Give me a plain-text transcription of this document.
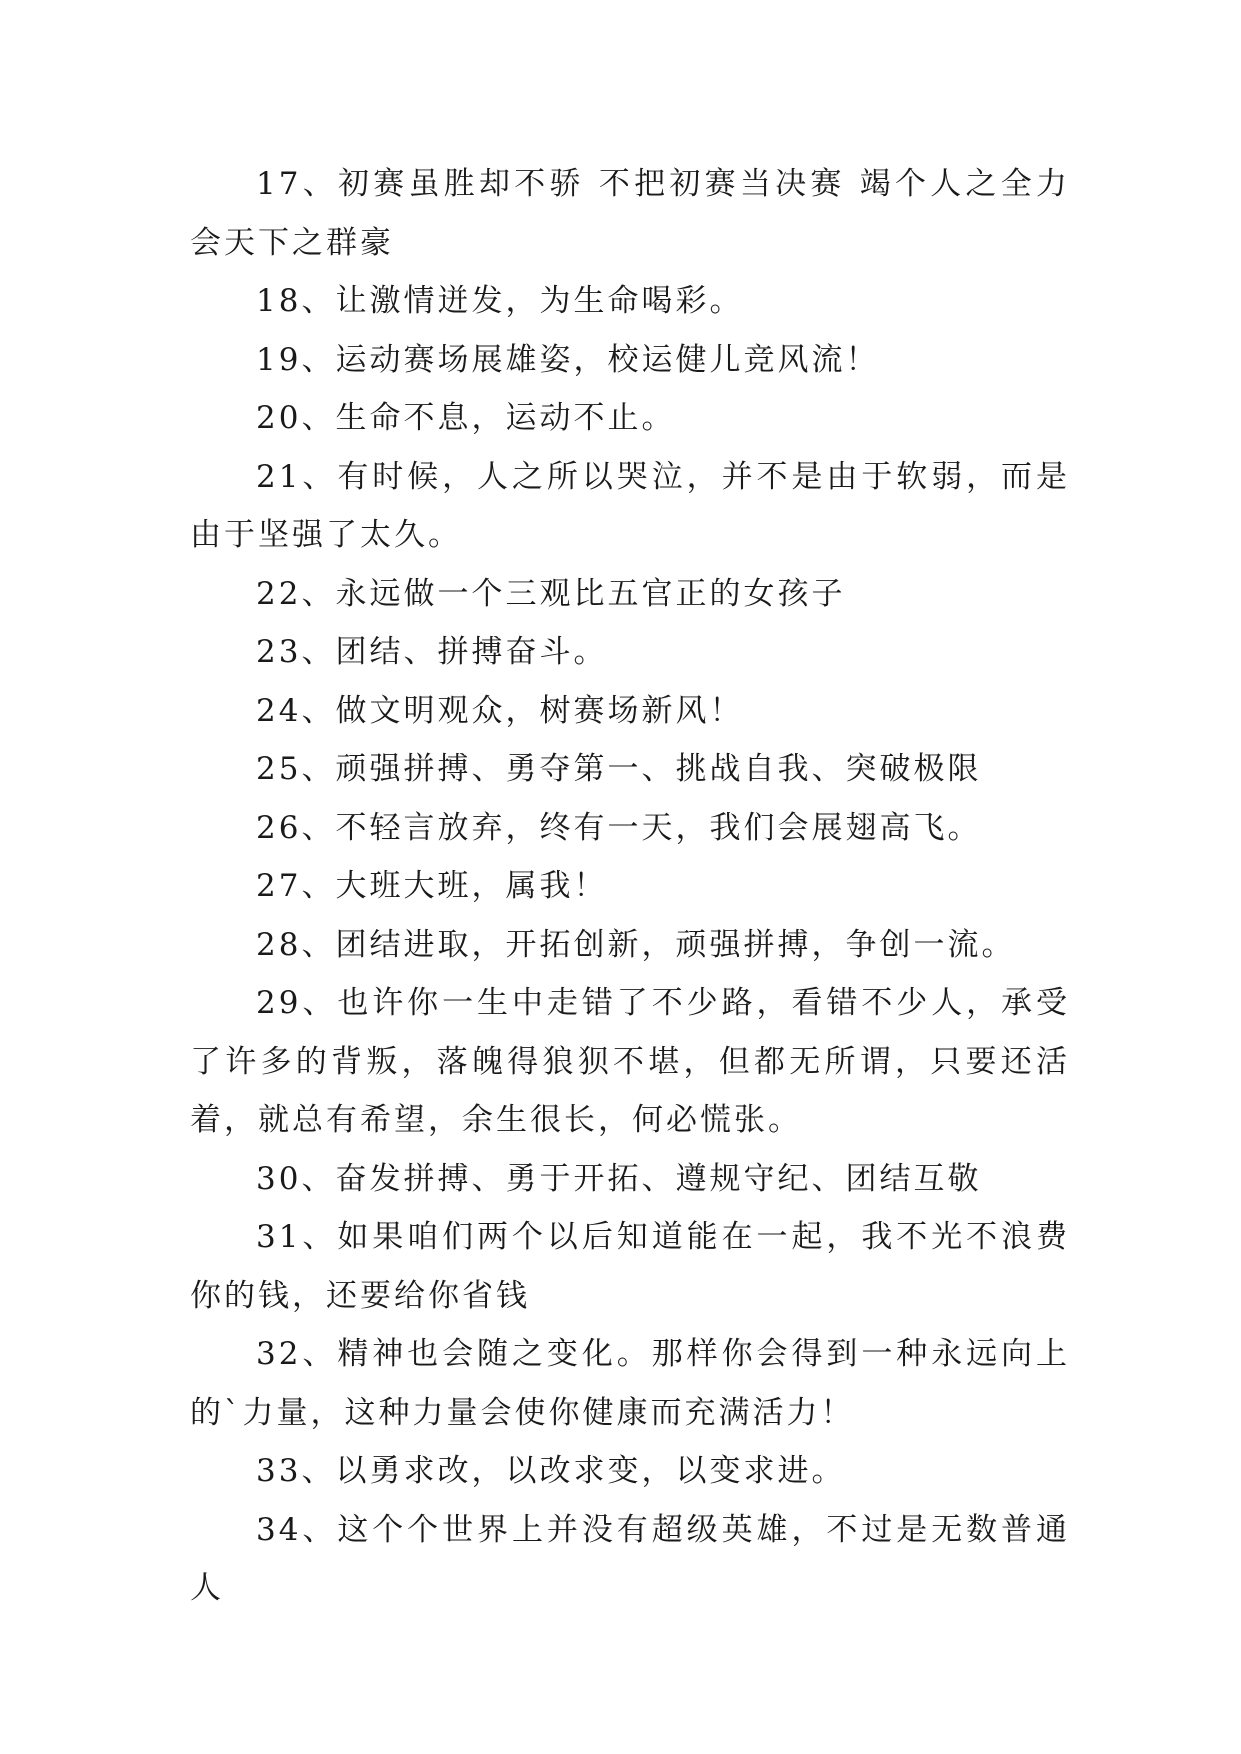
17、初赛虽胜却不骄 不把初赛当决赛 竭个人之全力会天下之群豪

18、让激情迸发，为生命喝彩。

19、运动赛场展雄姿，校运健儿竞风流！

20、生命不息，运动不止。

21、有时候，人之所以哭泣，并不是由于软弱，而是由于坚强了太久。

22、永远做一个三观比五官正的女孩子

23、团结、拼搏奋斗。

24、做文明观众，树赛场新风！

25、顽强拼搏、勇夺第一、挑战自我、突破极限

26、不轻言放弃，终有一天，我们会展翅高飞。

27、大班大班，属我！

28、团结进取，开拓创新，顽强拼搏，争创一流。

29、也许你一生中走错了不少路，看错不少人，承受了许多的背叛，落魄得狼狈不堪，但都无所谓，只要还活着，就总有希望，余生很长，何必慌张。

30、奋发拼搏、勇于开拓、遵规守纪、团结互敬

31、如果咱们两个以后知道能在一起，我不光不浪费你的钱，还要给你省钱

32、精神也会随之变化。那样你会得到一种永远向上的`力量，这种力量会使你健康而充满活力！

33、以勇求改，以改求变，以变求进。

34、这个个世界上并没有超级英雄，不过是无数普通人
